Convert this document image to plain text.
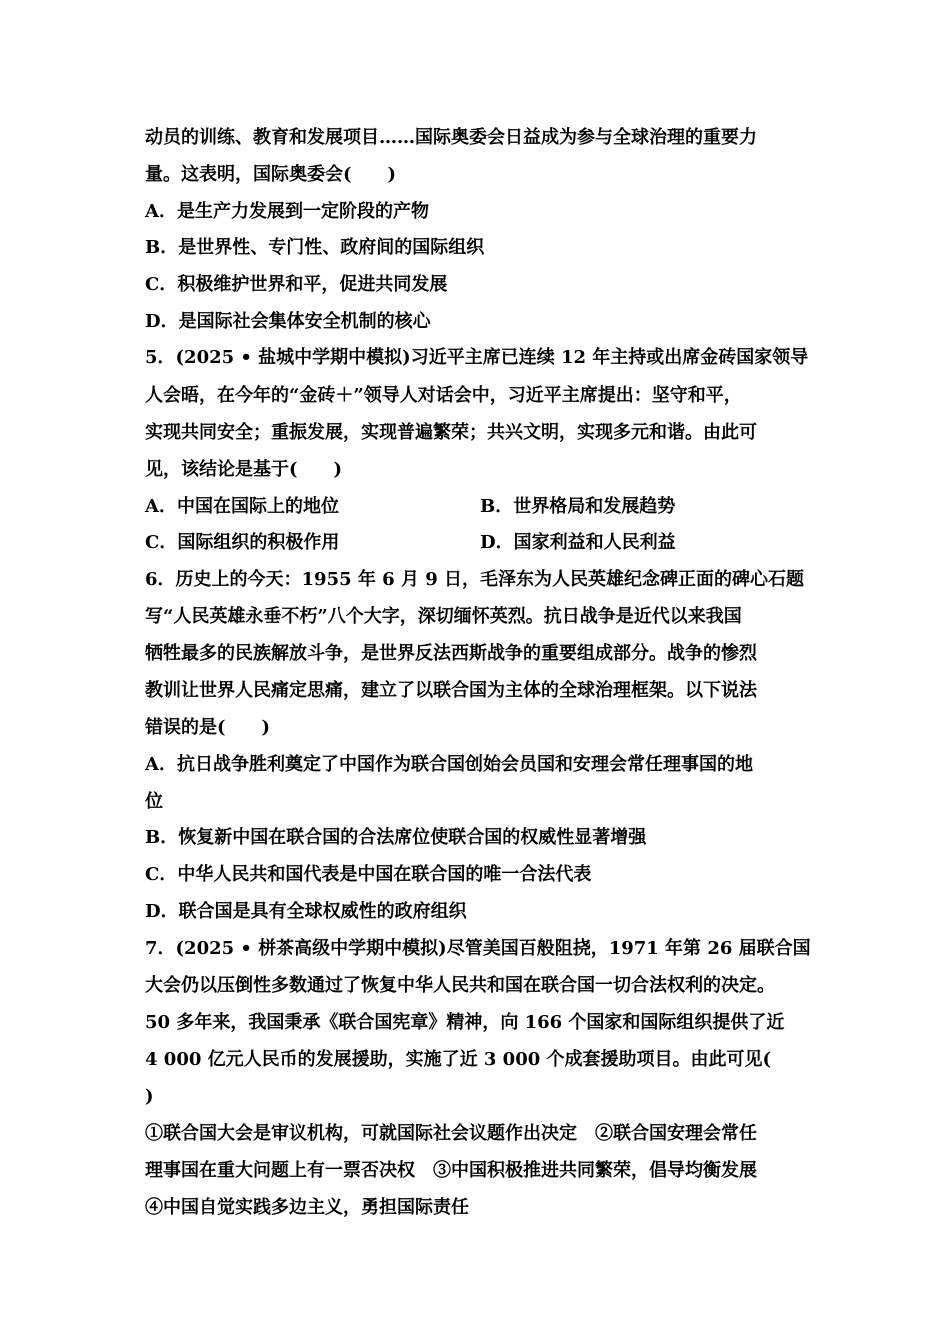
动员的训练、教育和发展项目……国际奥委会日益成为参与全球治理的重要力
量。这表明，国际奥委会(　　)
A．是生产力发展到一定阶段的产物
B．是世界性、专门性、政府间的国际组织
C．积极维护世界和平，促进共同发展
D．是国际社会集体安全机制的核心
5．(2025 • 盐城中学期中模拟)习近平主席已连续 12 年主持或出席金砖国家领导
人会晤，在今年的“金砖＋”领导人对话会中，习近平主席提出：坚守和平，
实现共同安全；重振发展，实现普遍繁荣；共兴文明，实现多元和谐。由此可
见，该结论是基于(　　)
A．中国在国际上的地位	B．世界格局和发展趋势
C．国际组织的积极作用	D．国家利益和人民利益
6．历史上的今天：1955 年 6 月 9 日，毛泽东为人民英雄纪念碑正面的碑心石题
写“人民英雄永垂不朽”八个大字，深切缅怀英烈。抗日战争是近代以来我国
牺牲最多的民族解放斗争，是世界反法西斯战争的重要组成部分。战争的惨烈
教训让世界人民痛定思痛，建立了以联合国为主体的全球治理框架。以下说法
错误的是(　　)
A．抗日战争胜利奠定了中国作为联合国创始会员国和安理会常任理事国的地
位
B．恢复新中国在联合国的合法席位使联合国的权威性显著增强
C．中华人民共和国代表是中国在联合国的唯一合法代表
D．联合国是具有全球权威性的政府组织
7．(2025 • 栟茶高级中学期中模拟)尽管美国百般阻挠，1971 年第 26 届联合国
大会仍以压倒性多数通过了恢复中华人民共和国在联合国一切合法权利的决定。
50 多年来，我国秉承《联合国宪章》精神，向 166 个国家和国际组织提供了近
4 000 亿元人民币的发展援助，实施了近 3 000 个成套援助项目。由此可见(
)
①联合国大会是审议机构，可就国际社会议题作出决定　②联合国安理会常任
理事国在重大问题上有一票否决权　③中国积极推进共同繁荣，倡导均衡发展
④中国自觉实践多边主义，勇担国际责任
